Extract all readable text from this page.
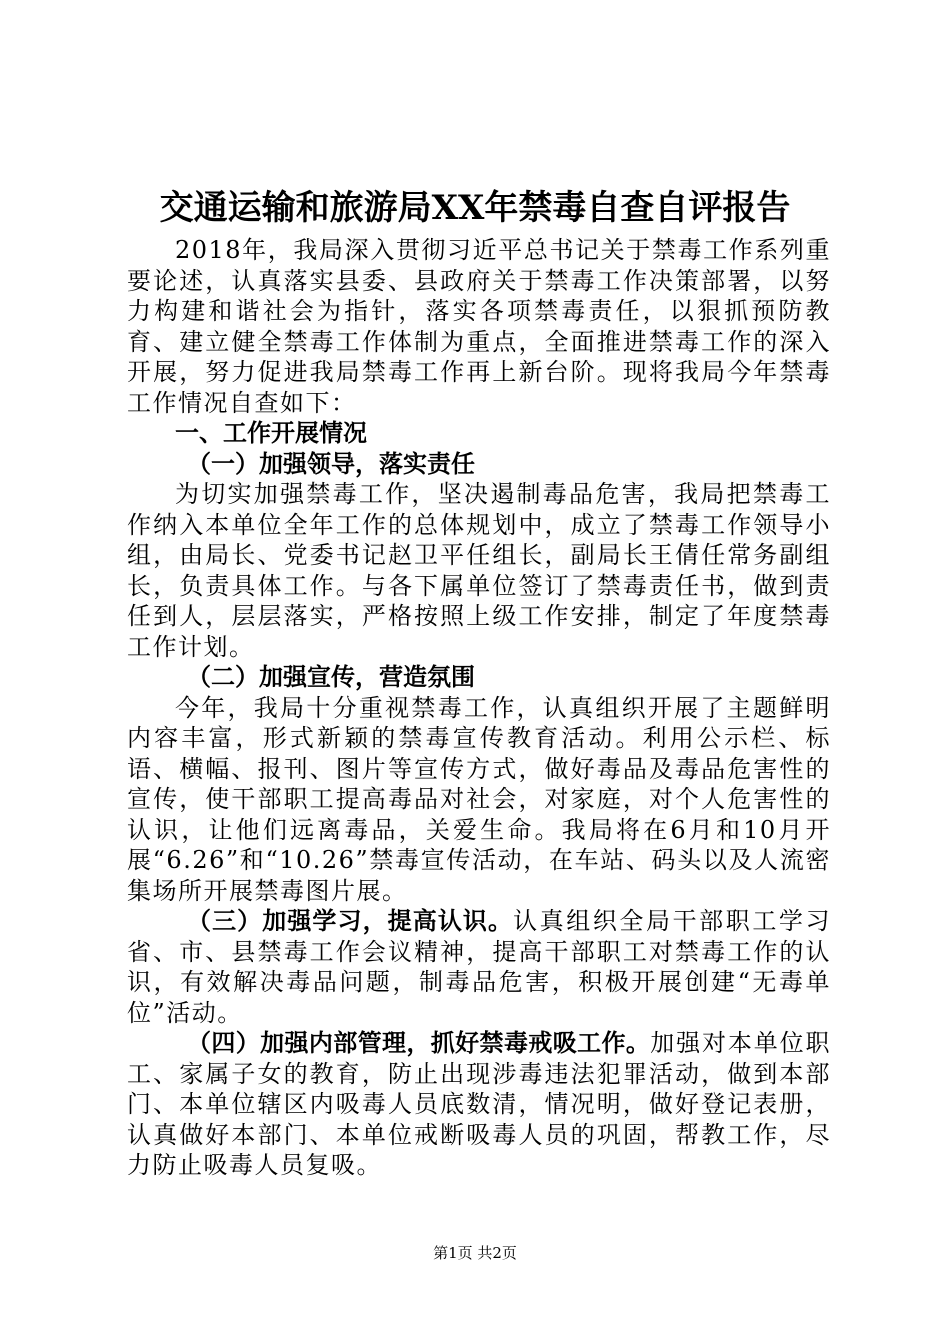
交通运输和旅游局XX年禁毒自查自评报告

2018年，我局深入贯彻习近平总书记关于禁毒工作系列重要论述，认真落实县委、县政府关于禁毒工作决策部署，以努力构建和谐社会为指针，落实各项禁毒责任，以狠抓预防教育、建立健全禁毒工作体制为重点，全面推进禁毒工作的深入开展，努力促进我局禁毒工作再上新台阶。现将我局今年禁毒工作情况自查如下：

一、工作开展情况

（一）加强领导，落实责任

为切实加强禁毒工作，坚决遏制毒品危害，我局把禁毒工作纳入本单位全年工作的总体规划中，成立了禁毒工作领导小组，由局长、党委书记赵卫平任组长，副局长王倩任常务副组长，负责具体工作。与各下属单位签订了禁毒责任书，做到责任到人，层层落实，严格按照上级工作安排，制定了年度禁毒工作计划。

（二）加强宣传，营造氛围

今年，我局十分重视禁毒工作，认真组织开展了主题鲜明内容丰富，形式新颖的禁毒宣传教育活动。利用公示栏、标语、横幅、报刊、图片等宣传方式，做好毒品及毒品危害性的宣传，使干部职工提高毒品对社会，对家庭，对个人危害性的认识，让他们远离毒品，关爱生命。我局将在6月和10月开展“6.26”和“10.26”禁毒宣传活动，在车站、码头以及人流密集场所开展禁毒图片展。

（三）加强学习，提高认识。认真组织全局干部职工学习省、市、县禁毒工作会议精神，提高干部职工对禁毒工作的认识，有效解决毒品问题，制毒品危害，积极开展创建“无毒单位”活动。

（四）加强内部管理，抓好禁毒戒吸工作。加强对本单位职工、家属子女的教育，防止出现涉毒违法犯罪活动，做到本部门、本单位辖区内吸毒人员底数清，情况明，做好登记表册，认真做好本部门、本单位戒断吸毒人员的巩固，帮教工作，尽力防止吸毒人员复吸。

第1页 共2页
